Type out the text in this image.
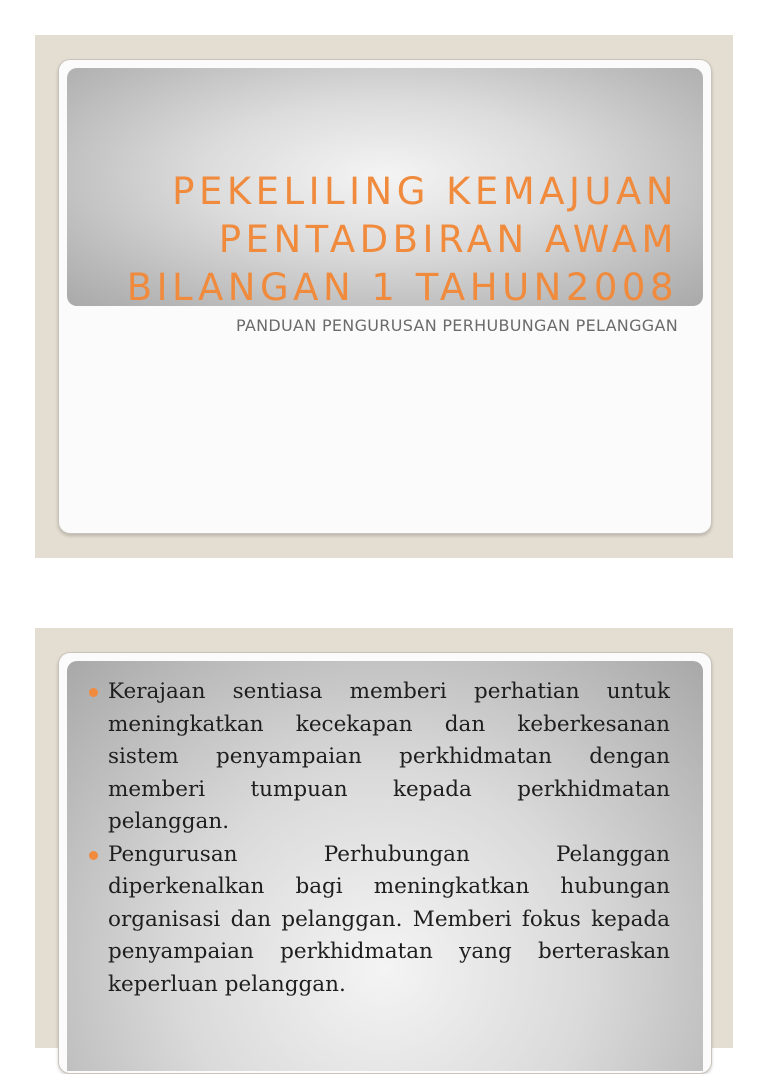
PEKELILING KEMAJUAN
PENTADBIRAN AWAM
BILANGAN 1 TAHUN2008
PANDUAN PENGURUSAN PERHUBUNGAN PELANGGAN
Kerajaan sentiasa memberi perhatian untuk meningkatkan kecekapan dan keberkesanan sistem penyampaian perkhidmatan dengan memberi tumpuan kepada perkhidmatan pelanggan.
Pengurusan Perhubungan Pelanggan diperkenalkan bagi meningkatkan hubungan organisasi dan pelanggan. Memberi fokus kepada penyampaian perkhidmatan yang berteraskan keperluan pelanggan.
